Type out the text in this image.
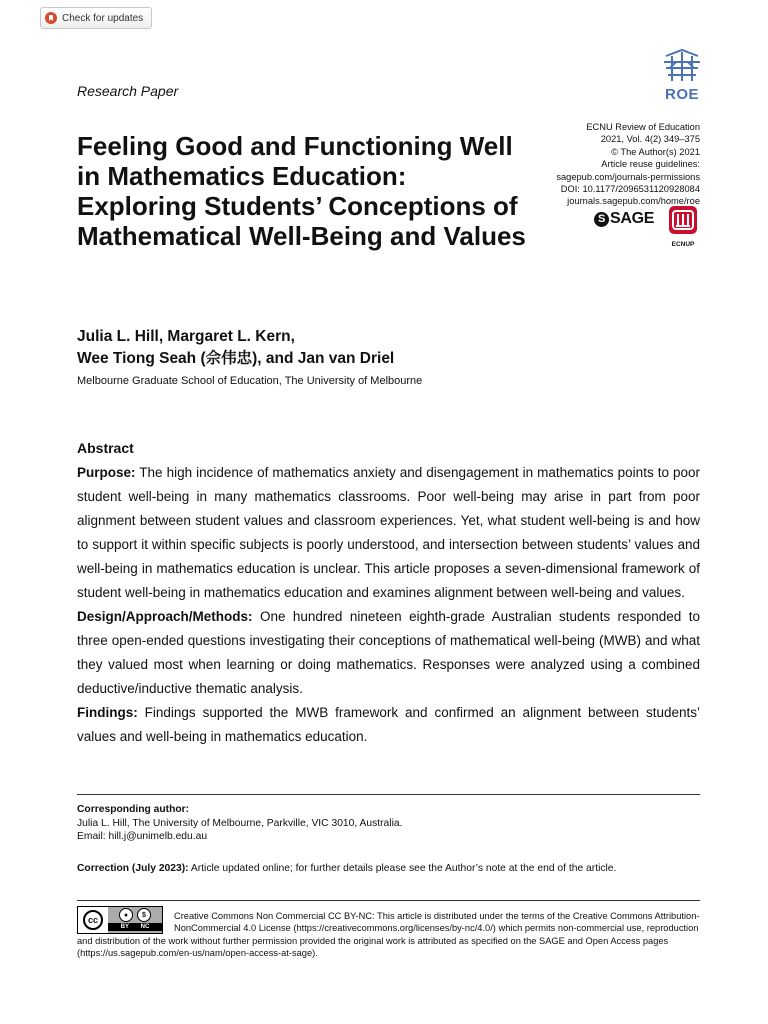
Check for updates
Research Paper	ROE
ECNU Review of Education
2021, Vol. 4(2) 349–375
© The Author(s) 2021
Article reuse guidelines:
sagepub.com/journals-permissions
DOI: 10.1177/2096531120928084
journals.sagepub.com/home/roe
S SAGE
ECNUP
Feeling Good and Functioning Well in Mathematics Education: Exploring Students’ Conceptions of Mathematical Well-Being and Values
Julia L. Hill, Margaret L. Kern,
Wee Tiong Seah (佘伟忠), and Jan van Driel
Melbourne Graduate School of Education, The University of Melbourne
Abstract

Purpose: The high incidence of mathematics anxiety and disengagement in mathematics points to poor student well-being in many mathematics classrooms. Poor well-being may arise in part from poor alignment between student values and classroom experiences. Yet, what student well-being is and how to support it within specific subjects is poorly understood, and intersection between students’ values and well-being in mathematics education is unclear. This article proposes a seven-dimensional framework of student well-being in mathematics education and examines alignment between well-being and values.

Design/Approach/Methods: One hundred nineteen eighth-grade Australian students responded to three open-ended questions investigating their conceptions of mathematical well-being (MWB) and what they valued most when learning or doing mathematics. Responses were analyzed using a combined deductive/inductive thematic analysis.

Findings: Findings supported the MWB framework and confirmed an alignment between students’ values and well-being in mathematics education.

Corresponding author:
Julia L. Hill, The University of Melbourne, Parkville, VIC 3010, Australia.
Email: hill.j@unimelb.edu.au
Correction (July 2023): Article updated online; for further details please see the Author’s note at the end of the article.
Creative Commons Non Commercial CC BY-NC: This article is distributed under the terms of the Creative Commons Attribution-NonCommercial 4.0 License (https://creativecommons.org/licenses/by-nc/4.0/) which permits non-commercial use, reproduction and distribution of the work without further permission provided the original work is attributed as specified on the SAGE and Open Access pages (https://us.sagepub.com/en-us/nam/open-access-at-sage).
cc	●	$
BY NC
